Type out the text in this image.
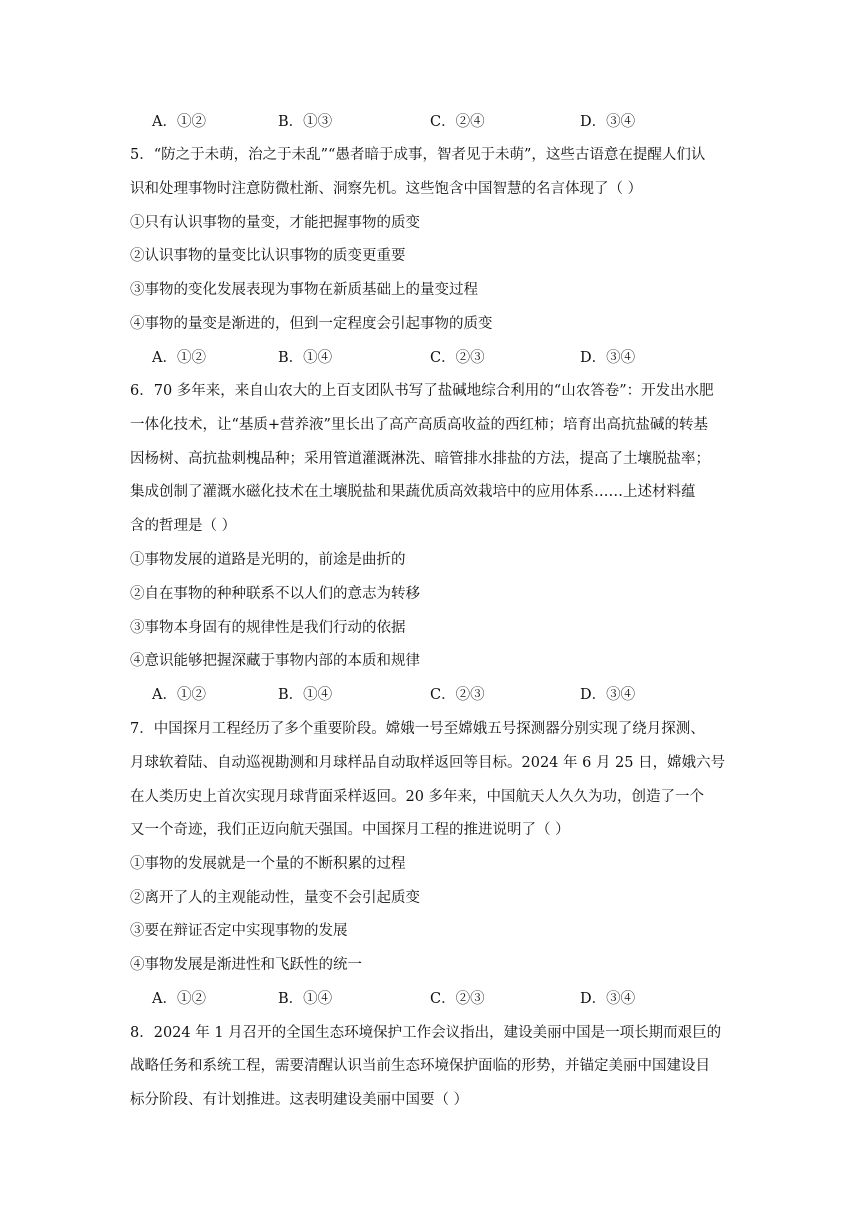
A．①②	B．①③	C．②④	D．③④
5．“防之于未萌，治之于未乱”“愚者暗于成事，智者见于未萌”，这些古语意在提醒人们认
识和处理事物时注意防微杜渐、洞察先机。这些饱含中国智慧的名言体现了（ ）
①只有认识事物的量变，才能把握事物的质变
②认识事物的量变比认识事物的质变更重要
③事物的变化发展表现为事物在新质基础上的量变过程
④事物的量变是渐进的，但到一定程度会引起事物的质变
A．①②	B．①④	C．②③	D．③④
6．70 多年来，来自山农大的上百支团队书写了盐碱地综合利用的“山农答卷”：开发出水肥
一体化技术，让“基质+营养液”里长出了高产高质高收益的西红柿；培育出高抗盐碱的转基
因杨树、高抗盐刺槐品种；采用管道灌溉淋洗、暗管排水排盐的方法，提高了土壤脱盐率；
集成创制了灌溉水磁化技术在土壤脱盐和果蔬优质高效栽培中的应用体系……上述材料蕴
含的哲理是（ ）
①事物发展的道路是光明的，前途是曲折的
②自在事物的种种联系不以人们的意志为转移
③事物本身固有的规律性是我们行动的依据
④意识能够把握深藏于事物内部的本质和规律
A．①②	B．①④	C．②③	D．③④
7．中国探月工程经历了多个重要阶段。嫦娥一号至嫦娥五号探测器分别实现了绕月探测、
月球软着陆、自动巡视勘测和月球样品自动取样返回等目标。2024 年 6 月 25 日，嫦娥六号
在人类历史上首次实现月球背面采样返回。20 多年来，中国航天人久久为功，创造了一个
又一个奇迹，我们正迈向航天强国。中国探月工程的推进说明了（ ）
①事物的发展就是一个量的不断积累的过程
②离开了人的主观能动性，量变不会引起质变
③要在辩证否定中实现事物的发展
④事物发展是渐进性和飞跃性的统一
A．①②	B．①④	C．②③	D．③④
8．2024 年 1 月召开的全国生态环境保护工作会议指出，建设美丽中国是一项长期而艰巨的
战略任务和系统工程，需要清醒认识当前生态环境保护面临的形势，并锚定美丽中国建设目
标分阶段、有计划推进。这表明建设美丽中国要（ ）
